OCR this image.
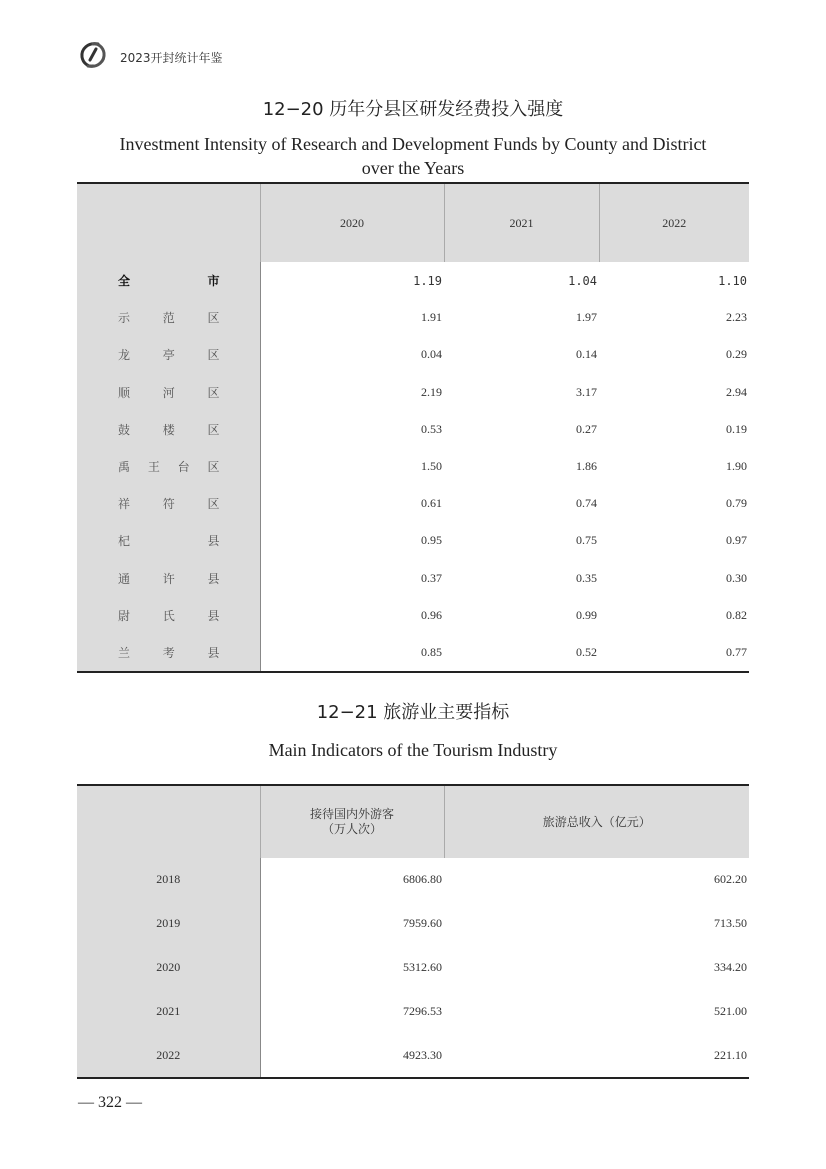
2023开封统计年鉴
12−20 历年分县区研发经费投入强度
Investment Intensity of Research and Development Funds by County and District
over the Years
	2020	2021	2022

全 市	1.19	1.04	1.10

示 范 区	1.91	1.97	2.23

龙 亭 区	0.04	0.14	0.29

顺 河 区	2.19	3.17	2.94

鼓 楼 区	0.53	0.27	0.19

禹 王 台 区	1.50	1.86	1.90

祥 符 区	0.61	0.74	0.79

杞 县	0.95	0.75	0.97

通 许 县	0.37	0.35	0.30

尉 氏 县	0.96	0.99	0.82

兰 考 县	0.85	0.52	0.77
12−21 旅游业主要指标
Main Indicators of the Tourism Industry

	接待国内外游客
（万人次）	旅游总收入（亿元）
2018	6806.80	602.20
2019	7959.60	713.50
2020	5312.60	334.20
2021	7296.53	521.00
2022	4923.30	221.10
— 322 —
